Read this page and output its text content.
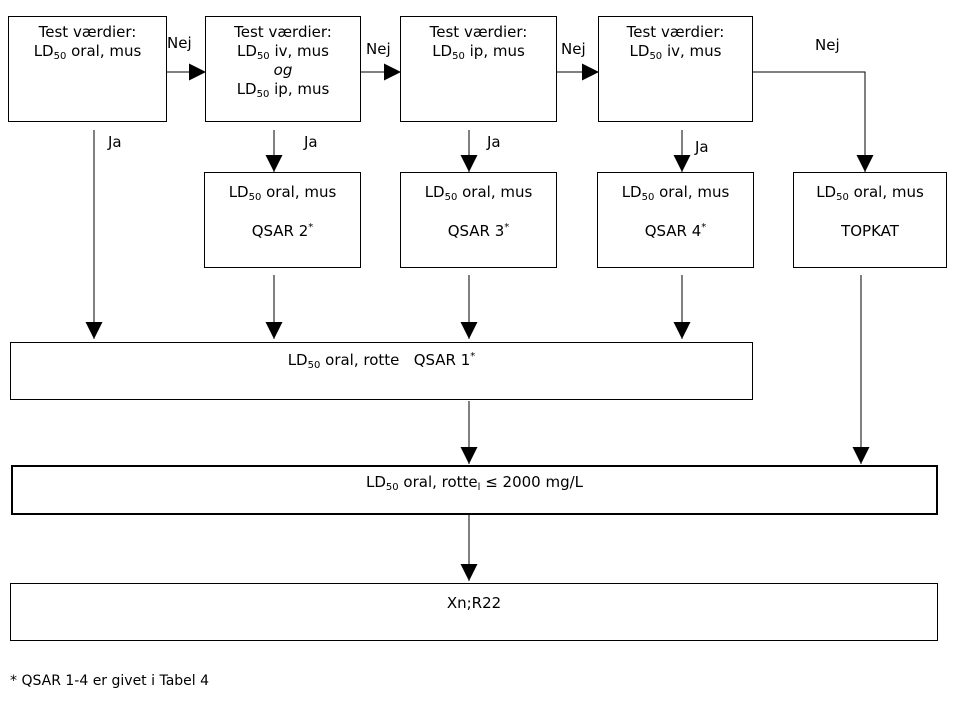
Test værdier:
$LD_{50}$ oral, mus
Test værdier:
$LD_{50}$ iv, mus
og
$LD_{50}$ ip, mus
Test værdier:
$LD_{50}$ ip, mus
Test værdier:
$LD_{50}$ iv, mus
Nej	Nej	Nej	Nej
Ja	Ja	Ja	Ja
$LD_{50}$ oral, mus
QSAR 2*
$LD_{50}$ oral, mus
QSAR 3*
$LD_{50}$ oral, mus
QSAR 4*
$LD_{50}$ oral, mus
TOPKAT
$LD_{50}$ oral, rotte   QSAR 1*
$LD_{50}$ oral, rotte$_l$ ≤ 2000 mg/L
Xn;R22
* QSAR 1-4 er givet i Tabel 4
